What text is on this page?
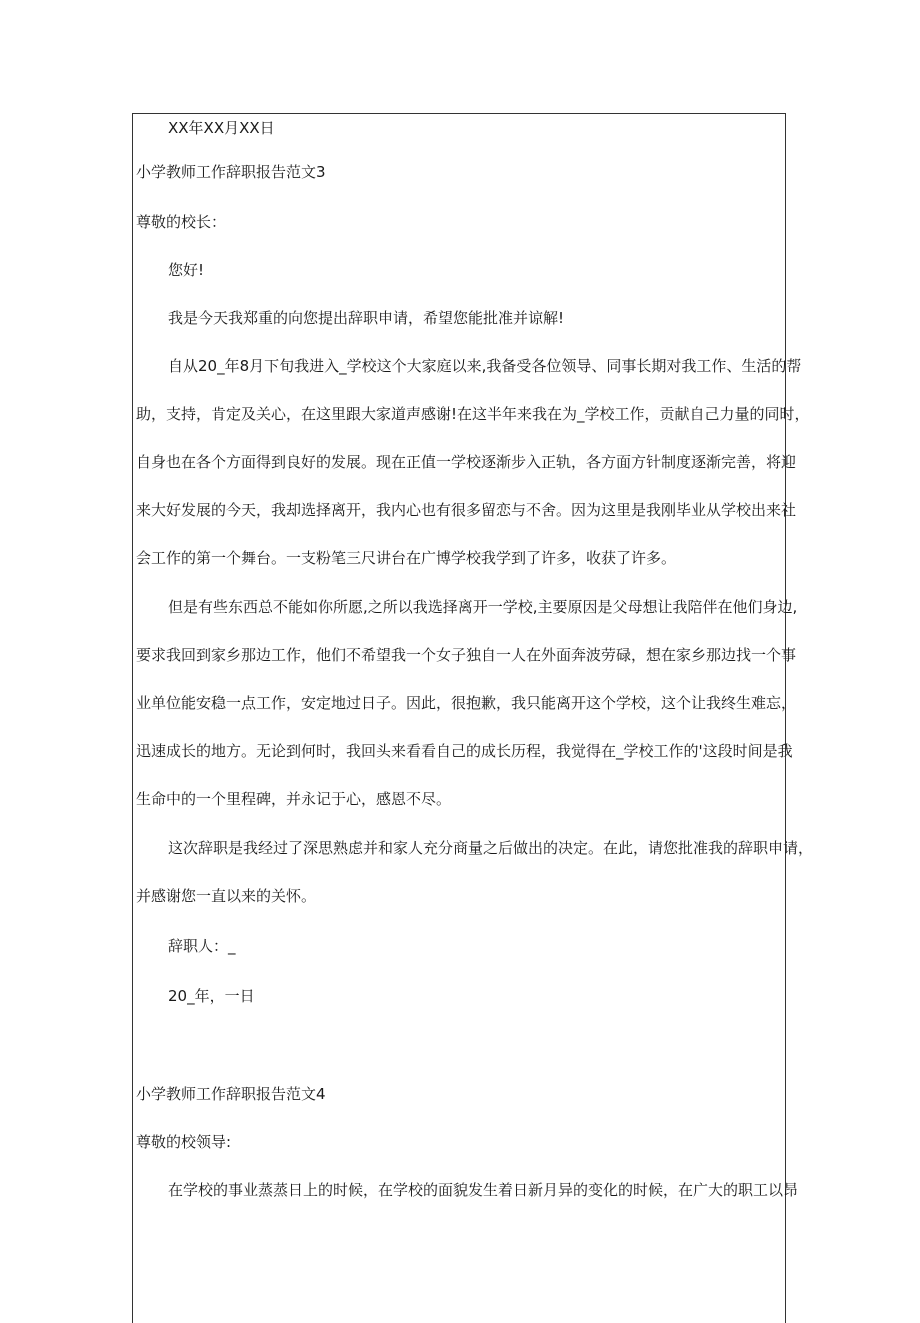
XX年XX月XX日
小学教师工作辞职报告范文3
尊敬的校长：
您好!
我是今天我郑重的向您提出辞职申请，希望您能批准并谅解!
自从20_年8月下旬我进入_学校这个大家庭以来,我备受各位领导、同事长期对我工作、生活的帮
助，支持，肯定及关心，在这里跟大家道声感谢!在这半年来我在为_学校工作，贡献自己力量的同时，
自身也在各个方面得到良好的发展。现在正值一学校逐渐步入正轨，各方面方针制度逐渐完善，将迎
来大好发展的今天，我却选择离开，我内心也有很多留恋与不舍。因为这里是我刚毕业从学校出来社
会工作的第一个舞台。一支粉笔三尺讲台在广博学校我学到了许多，收获了许多。
但是有些东西总不能如你所愿,之所以我选择离开一学校,主要原因是父母想让我陪伴在他们身边,
要求我回到家乡那边工作，他们不希望我一个女子独自一人在外面奔波劳碌，想在家乡那边找一个事
业单位能安稳一点工作，安定地过日子。因此，很抱歉，我只能离开这个学校，这个让我终生难忘，
迅速成长的地方。无论到何时，我回头来看看自己的成长历程，我觉得在_学校工作的'这段时间是我
生命中的一个里程碑，并永记于心，感恩不尽。
这次辞职是我经过了深思熟虑并和家人充分商量之后做出的决定。在此，请您批准我的辞职申请，
并感谢您一直以来的关怀。
辞职人：_
20_年，一日
小学教师工作辞职报告范文4
尊敬的校领导:
在学校的事业蒸蒸日上的时候，在学校的面貌发生着日新月异的变化的时候，在广大的职工以昂
